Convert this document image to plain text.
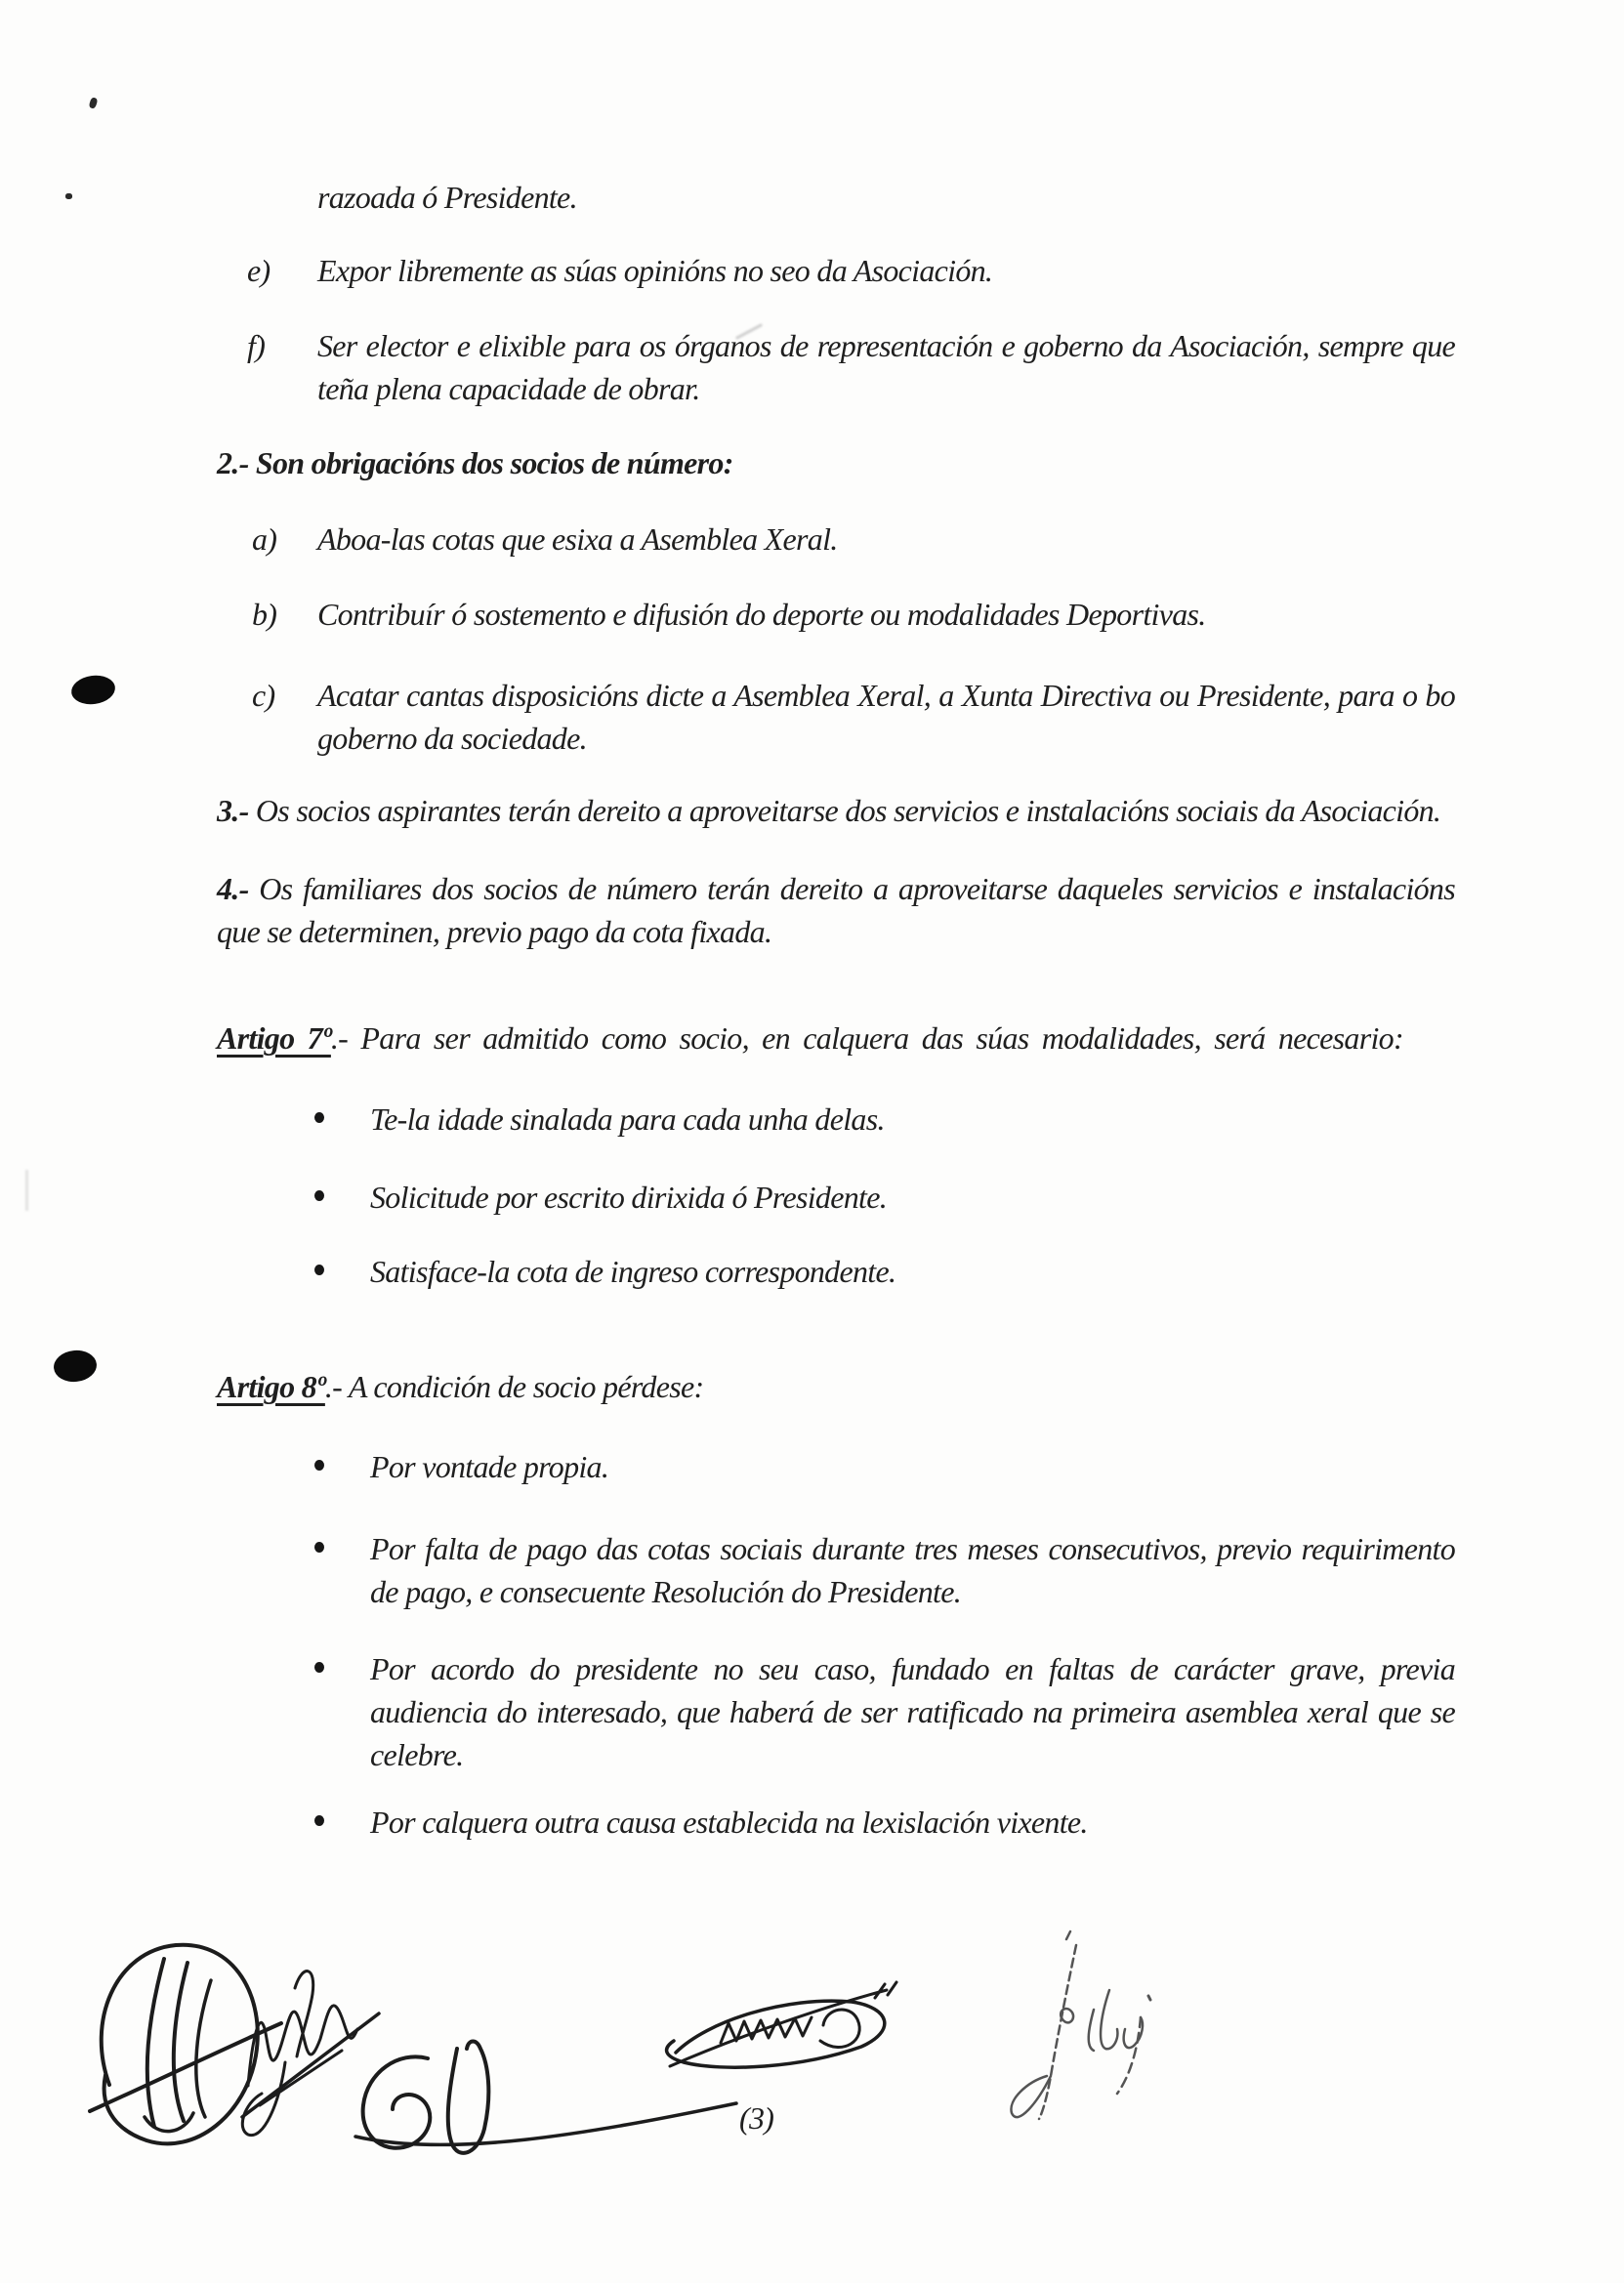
razoada ó Presidente.
e)	Expor libremente as súas opinións no seo da Asociación.
f)	Ser elector e elixible para os órganos de representación e goberno da Asociación, sempre que teña plena capacidade de obrar.
2.- Son obrigacións dos socios de número:
a)	Aboa-las cotas que esixa a Asemblea Xeral.
b)	Contribuír ó sostemento e difusión do deporte ou modalidades Deportivas.
c)	Acatar cantas disposicións dicte a Asemblea Xeral, a Xunta Directiva ou Presidente, para o bo goberno da sociedade.
3.- Os socios aspirantes terán dereito a aproveitarse dos servicios e instalacións sociais da Asociación.
4.- Os familiares dos socios de número terán dereito a aproveitarse daqueles servicios e instalacións que se determinen, previo pago da cota fixada.
Artigo 7º.- Para ser admitido como socio, en calquera das súas modalidades, será necesario:
Te-la idade sinalada para cada unha delas.
Solicitude por escrito dirixida ó Presidente.
Satisface-la cota de ingreso correspondente.
Artigo 8º.- A condición de socio pérdese:
Por vontade propia.
Por falta de pago das cotas sociais durante tres meses consecutivos, previo requirimento de pago, e consecuente Resolución do Presidente.
Por acordo do presidente no seu caso, fundado en faltas de carácter grave, previa audiencia do interesado, que haberá de ser ratificado na primeira asemblea xeral que se celebre.
Por calquera outra causa establecida na lexislación vixente.
(3)
